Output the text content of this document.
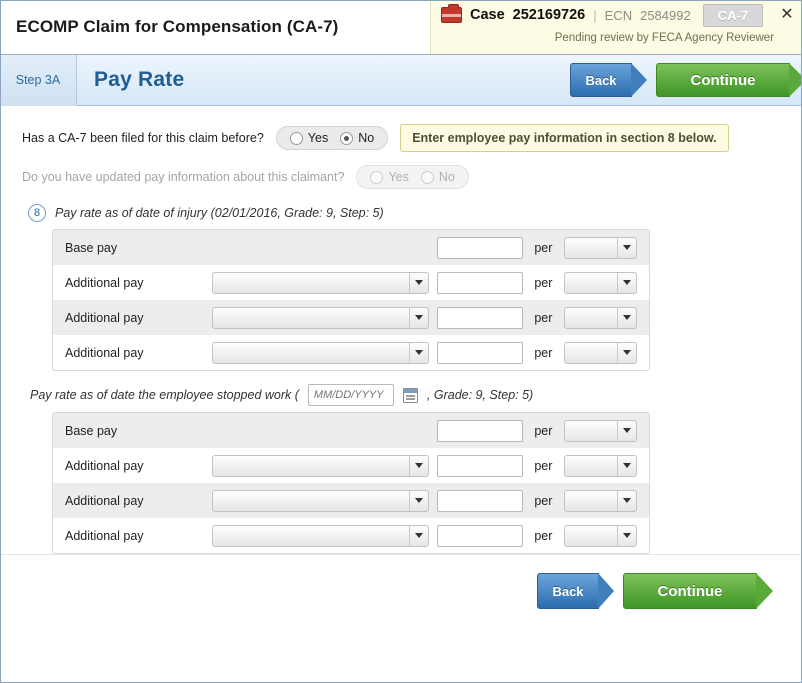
ECOMP Claim for Compensation (CA-7)
Case 252169726 | ECN 2584992	CA-7
Pending review by FECA Agency Reviewer
✕
Step 3A	Pay Rate	Back	Continue
Has a CA-7 been filed for this claim before?	Yes No	Enter employee pay information in section 8 below.
Do you have updated pay information about this claimant?	Yes No
8	Pay rate as of date of injury (02/01/2016, Grade: 9, Step: 5)
Base pay	per
Additional pay	per
Additional pay	per
Additional pay	per
Pay rate as of date the employee stopped work (
MM/DD/YYYY	, Grade: 9, Step: 5)
Base pay	per
Additional pay	per
Additional pay	per
Additional pay	per
Back	Continue
